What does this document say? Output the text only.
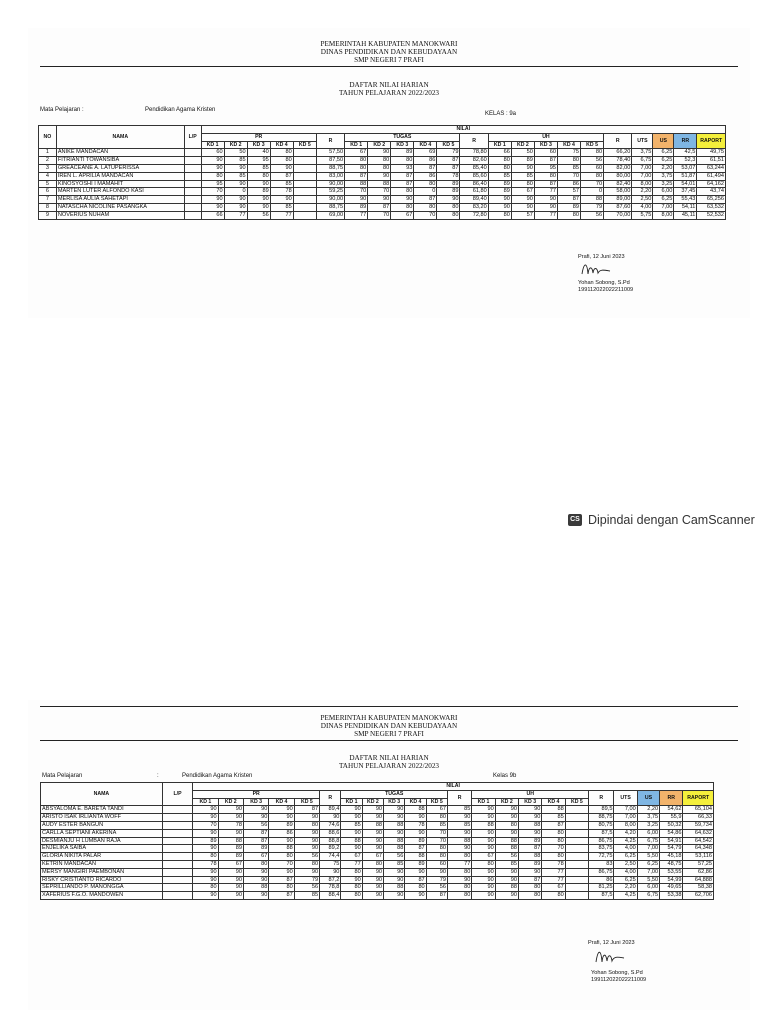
PEMERINTAH KABUPATEN MANOKWARI
DINAS PENDIDIKAN DAN KEBUDAYAAN
SMP NEGERI 7 PRAFI
DAFTAR NILAI HARIAN
TAHUN PELAJARAN 2022/2023
Mata Pelajaran :	Pendidikan Agama Kristen
KELAS : 9a
NO	NAMA	L/P	NILAI																					
			PR					R	TUGAS					R	UH					R	UTS	US	RR	RAPORT
			KD 1	KD 2	KD 3	KD 4	KD 5		KD 1	KD 2	KD 3	KD 4	KD 5		KD 1	KD 2	KD 3	KD 4	KD 5					
1	ANIKE MANDACAN		60	50	40	80		57,50	67	90	89	69	79	78,80	66	50	60	75	80	66,20	3,75	6,25	42,5	49,75
2	FITRIANTI TOWANSIBA		90	85	95	80		87,50	80	80	80	86	87	82,60	80	89	87	80	56	78,40	6,75	6,25	52,3	61,51
3	GREACEANE A. LATUPERISSA		90	90	85	90		88,75	80	80	93	87	87	85,40	80	90	95	85	60	82,00	7,00	2,20	53,07	63,244
4	IREN L. APRILIA MANDACAN		80	85	80	87		83,00	87	90	87	86	78	85,60	85	85	80	70	80	80,00	7,00	3,75	51,87	61,494
5	KINOSYOSHI I MAMAHIT		95	90	90	85		90,00	88	88	87	80	89	86,40	89	80	87	86	70	82,40	8,00	3,25	54,01	64,162
6	MARTEN LUTER ALFONDO KASI		70	0	89	78		59,25	70	70	80	0	89	61,80	89	67	77	57	0	58,00	2,20	6,00	37,45	43,74
7	MERLISA AULIA SAHETAPI		90	90	90	90		90,00	90	90	90	87	90	89,40	90	90	90	87	88	89,00	2,50	6,25	55,43	65,256
8	NATASCHA NICOLINE PASANGKA		90	90	90	85		88,75	89	87	80	80	80	83,20	90	90	90	89	79	87,60	4,00	7,00	54,11	63,532
9	NOVERIUS NUHAM		66	77	56	77		69,00	77	70	67	70	80	72,80	80	57	77	80	56	70,00	5,75	8,00	45,11	52,532
Prafi, 12 Juni 2023
Yohan Sobong, S.Pd
199112022022211009
CS Dipindai dengan CamScanner
PEMERINTAH KABUPATEN MANOKWARI
DINAS PENDIDIKAN DAN KEBUDAYAAN
SMP NEGERI 7 PRAFI
DAFTAR NILAI HARIAN
TAHUN PELAJARAN 2022/2023
Mata Pelajaran	:	Pendidikan Agama Kristen	Kelas 9b
NAMA	L/P	NILAI																					
		PR					R	TUGAS					R	UH					R	UTS	US	RR	RAPORT
		KD 1	KD 2	KD 3	KD 4	KD 5		KD 1	KD 2	KD 3	KD 4	KD 5		KD 1	KD 2	KD 3	KD 4	KD 5					
ABSYALOMA E. BARETA TANDI		90	90	90	90	87	89,4	90	90	90	88	67	85	90	90	90	88		89,5	7,00	2,20	54,62	65,104
ARISTO ISAK IRLIANTA WOFF		90	90	90	90	90	90	90	90	90	90	80	90	90	90	90	85		88,75	7,00	3,75	55,9	66,33
AUDY ESTER BANGUN		70	78	56	89	80	74,6	85	88	88	78	85	85	88	80	88	87		80,75	8,00	3,25	50,32	59,734
CARLLA SEPTIANI AKERINA		90	90	87	86	90	88,6	90	90	90	90	70	90	90	90	90	80		87,5	4,20	6,00	54,86	64,632
DESMIANJU H LUMBAN RAJA		89	88	87	90	90	88,8	88	90	88	89	70	88	90	88	89	80		86,75	4,25	6,75	54,91	64,542
ENJELIKA SAIBA		90	89	89	88	90	89,2	90	90	88	87	80	90	90	88	87	70		83,75	4,00	7,00	54,79	64,348
GLORIA NIKITA PALAR		80	89	67	80	56	74,4	67	67	56	88	80	80	67	56	88	80		72,75	6,25	5,50	45,18	53,116
KETRIN MANDACAN		78	67	80	70	80	75	77	80	85	89	60	77	80	85	89	78		83	2,50	6,25	48,75	57,25
MERSY MANGIRI PAEMBONAN		90	90	90	90	90	90	80	90	90	90	90	80	90	90	90	77		86,75	4,00	7,00	53,55	62,86
RISKY CRISTIANTO RICARDO		90	90	90	87	79	87,2	90	90	90	87	79	90	90	90	87	77		86	6,25	5,50	54,99	64,888
SEPRILLIANDO P. MANONGGA		80	90	88	80	56	78,8	80	90	88	80	56	80	90	88	80	67		81,25	2,20	6,00	49,65	58,38
XAFERIUS F.G.O. MANDOWEN		90	90	90	87	85	88,4	80	90	90	90	87	80	90	90	80	80		87,5	4,25	6,75	53,38	62,706
Prafi, 12 Juni 2023
Yohan Sobong, S.Pd
199112022022211009
